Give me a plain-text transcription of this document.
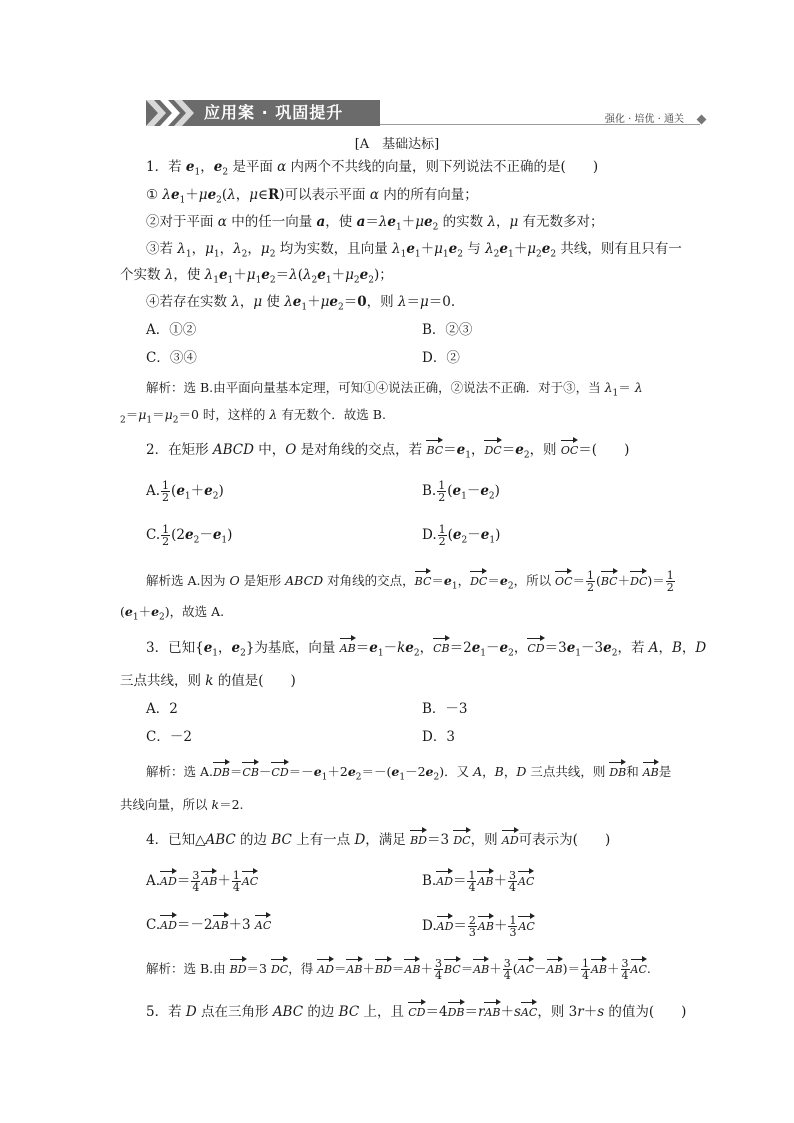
应用案 · 巩固提升	强化 · 培优 · 通关
[A　基础达标]
1．若 $e_1$，$e_2$ 是平面 α 内两个不共线的向量，则下列说法不正确的是(　　)
① $\lambda e_1+\mu e_2(\lambda$，μ∈R)可以表示平面 α 内的所有向量；
②对于平面 α 中的任一向量 a，使 $a=\lambda e_1+\mu e_2$ 的实数 λ，μ 有无数多对；
③若 $\lambda_1$，$\mu_1$，$\lambda_2$，$\mu_2$ 均为实数，且向量 $\lambda_1e_1+\mu_1e_2$ 与 $\lambda_2e_1+\mu_2e_2$ 共线，则有且只有一
个实数 λ，使 $\lambda_1e_1+\mu_1e_2=\lambda(\lambda_2e_1+\mu_2e_2)$；
④若存在实数 λ，μ 使 $\lambda e_1+\mu e_2=0$，则 λ＝μ＝0.
A．①②	B．②③
C．③④	D．②
解析：选 B.由平面向量基本定理，可知①④说法正确，②说法不正确．对于③，当 $\lambda_1= \lambda$
$_2=\mu_1=\mu_2=0$ 时，这样的 λ 有无数个．故选 B.
2．在矩形 ABCD 中，O 是对角线的交点，若 $BC=e_1$，$DC=e_2$，则 OC＝(　　)
A. $\frac{1}{2} (e_1+e_2)$	B. $\frac{1}{2} (e_1-e_2)$
C. $\frac{1}{2} (2e_2-e_1)$	D. $\frac{1}{2} (e_2-e_1)$
解析选 A.因为 O 是矩形 ABCD 对角线的交点，$BC=e_1$，$DC=e_2$，所以 $OC= \frac{1}{2} (BC+DC)= \frac{1}{2}$
$(e_1+e_2)$，故选 A.
3．已知{$e_1$，$e_2$}为基底，向量 $AB=e_1-ke_2$，$CB=2e_1-e_2$，$CD=3e_1-3e_2$，若 A，B，D
三点共线，则 k 的值是(　　)
A．2	B．－3
C．－2	D．3
解析：选 $A.DB=CB-CD=-e_1+2e_2=-(e_1-2e_2)$．又 A，B，D 三点共线，则 DB和 AB是
共线向量，所以 k＝2.
4．已知△ABC 的边 BC 上有一点 D，满足 BD＝3 DC，则 AD可表示为(　　)
$A.AD= \frac{3}{4} AB+ \frac{1}{4}$ AC	$B.AD= \frac{1}{4} AB+ \frac{3}{4}$ AC
C.AD＝－2AB＋3 AC	$D.AD= \frac{2}{3} AB+ \frac{1}{3}$ AC
解析：选 B.由 BD＝3 DC，得 $AD=AB+BD=AB+ \frac{3}{4} BC=AB+ \frac{3}{4} (AC-AB)= \frac{1}{4} AB+ \frac{3}{4}$ AC.
5．若 D 点在三角形 ABC 的边 BC 上，且 CD＝4DB＝rAB＋sAC，则 3r＋s 的值为(　　)
